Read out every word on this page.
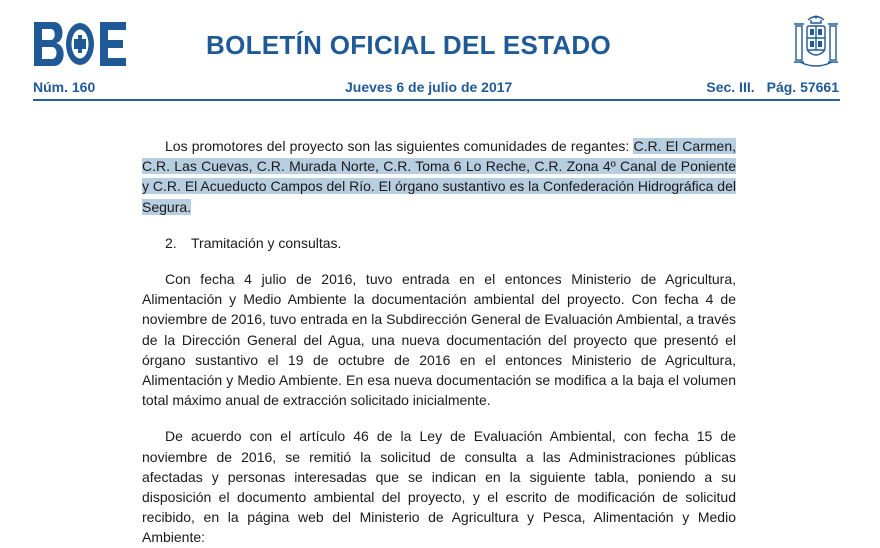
BOLETÍN OFICIAL DEL ESTADO
Núm. 160	Jueves 6 de julio de 2017	Sec. III. Pág. 57661

Los promotores del proyecto son las siguientes comunidades de regantes: C.R. El Carmen, C.R. Las Cuevas, C.R. Murada Norte, C.R. Toma 6 Lo Reche, C.R. Zona 4º Canal de Poniente y C.R. El Acueducto Campos del Río. El órgano sustantivo es la Confederación Hidrográfica del Segura.

2. Tramitación y consultas.

Con fecha 4 julio de 2016, tuvo entrada en el entonces Ministerio de Agricultura, Alimentación y Medio Ambiente la documentación ambiental del proyecto. Con fecha 4 de noviembre de 2016, tuvo entrada en la Subdirección General de Evaluación Ambiental, a través de la Dirección General del Agua, una nueva documentación del proyecto que presentó el órgano sustantivo el 19 de octubre de 2016 en el entonces Ministerio de Agricultura, Alimentación y Medio Ambiente. En esa nueva documentación se modifica a la baja el volumen total máximo anual de extracción solicitado inicialmente.

De acuerdo con el artículo 46 de la Ley de Evaluación Ambiental, con fecha 15 de noviembre de 2016, se remitió la solicitud de consulta a las Administraciones públicas afectadas y personas interesadas que se indican en la siguiente tabla, poniendo a su disposición el documento ambiental del proyecto, y el escrito de modificación de solicitud recibido, en la página web del Ministerio de Agricultura y Pesca, Alimentación y Medio Ambiente:
